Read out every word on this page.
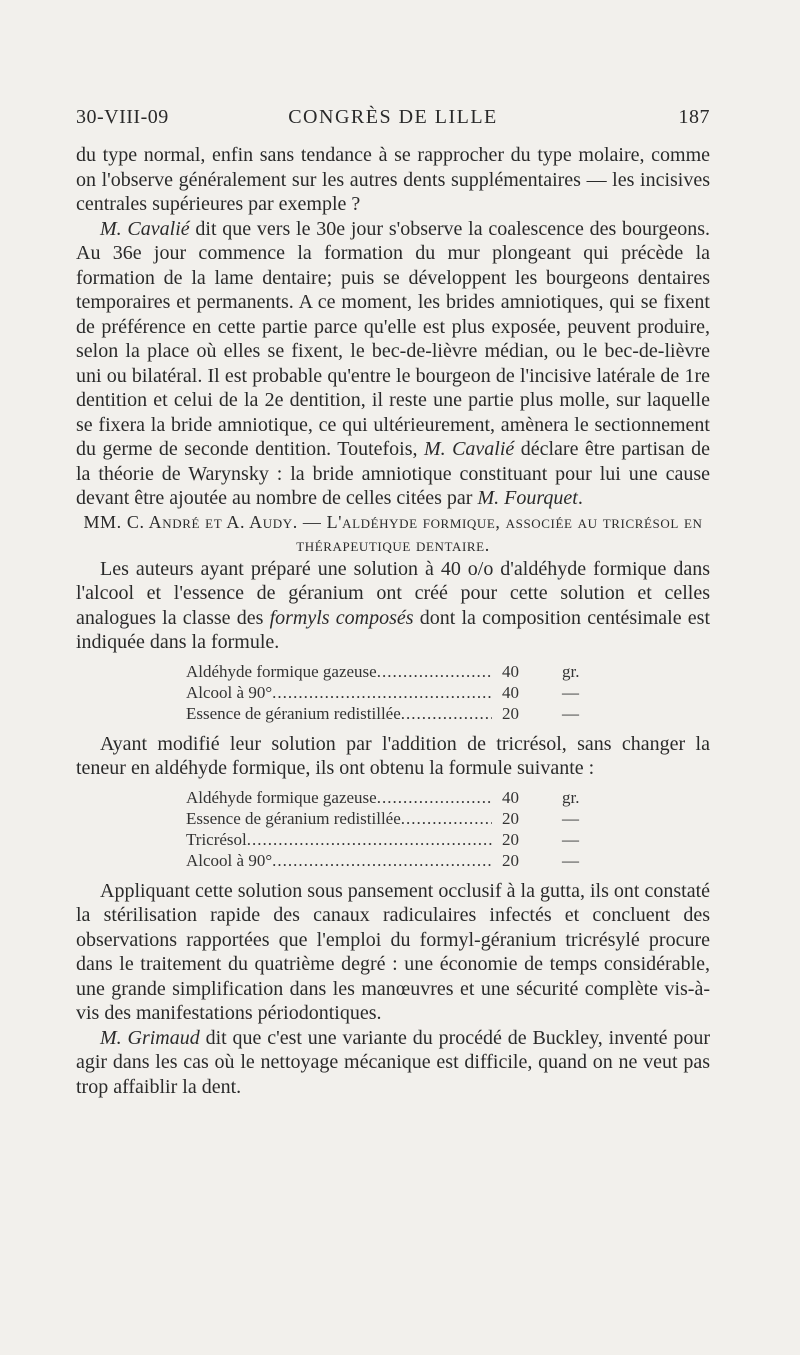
30-VIII-09	CONGRÈS DE LILLE	187

du type normal, enfin sans tendance à se rapprocher du type molaire, comme on l'observe généralement sur les autres dents supplémentaires — les incisives centrales supérieures par exemple ?

M. Cavalié dit que vers le 30e jour s'observe la coalescence des bourgeons. Au 36e jour commence la formation du mur plongeant qui précède la formation de la lame dentaire; puis se développent les bourgeons dentaires temporaires et permanents. A ce moment, les brides amniotiques, qui se fixent de préférence en cette partie parce qu'elle est plus exposée, peuvent produire, selon la place où elles se fixent, le bec-de-lièvre médian, ou le bec-de-lièvre uni ou bilatéral. Il est probable qu'entre le bourgeon de l'incisive latérale de 1re dentition et celui de la 2e dentition, il reste une partie plus molle, sur laquelle se fixera la bride amniotique, ce qui ultérieurement, amènera le sectionnement du germe de seconde dentition. Toutefois, M. Cavalié déclare être partisan de la théorie de Warynsky : la bride amniotique constituant pour lui une cause devant être ajoutée au nombre de celles citées par M. Fourquet.

MM. C. André et A. Audy. — L'aldéhyde formique, associée au tricrésol en thérapeutique dentaire.

Les auteurs ayant préparé une solution à 40 o/o d'aldéhyde formique dans l'alcool et l'essence de géranium ont créé pour cette solution et celles analogues la classe des formyls composés dont la composition centésimale est indiquée dans la formule.

Aldéhyde formique gazeuse .....	40	gr.
Alcool à 90° .....	40	—
Essence de géranium redistillée .....	20	—

Ayant modifié leur solution par l'addition de tricrésol, sans changer la teneur en aldéhyde formique, ils ont obtenu la formule suivante :

Aldéhyde formique gazeuse .....	40	gr.
Essence de géranium redistillée .....	20	—
Tricrésol .....	20	—
Alcool à 90° .....	20	—

Appliquant cette solution sous pansement occlusif à la gutta, ils ont constaté la stérilisation rapide des canaux radiculaires infectés et concluent des observations rapportées que l'emploi du formyl-géranium tricrésylé procure dans le traitement du quatrième degré : une économie de temps considérable, une grande simplification dans les manœuvres et une sécurité complète vis-à-vis des manifestations périodontiques.

M. Grimaud dit que c'est une variante du procédé de Buckley, inventé pour agir dans les cas où le nettoyage mécanique est difficile, quand on ne veut pas trop affaiblir la dent.
